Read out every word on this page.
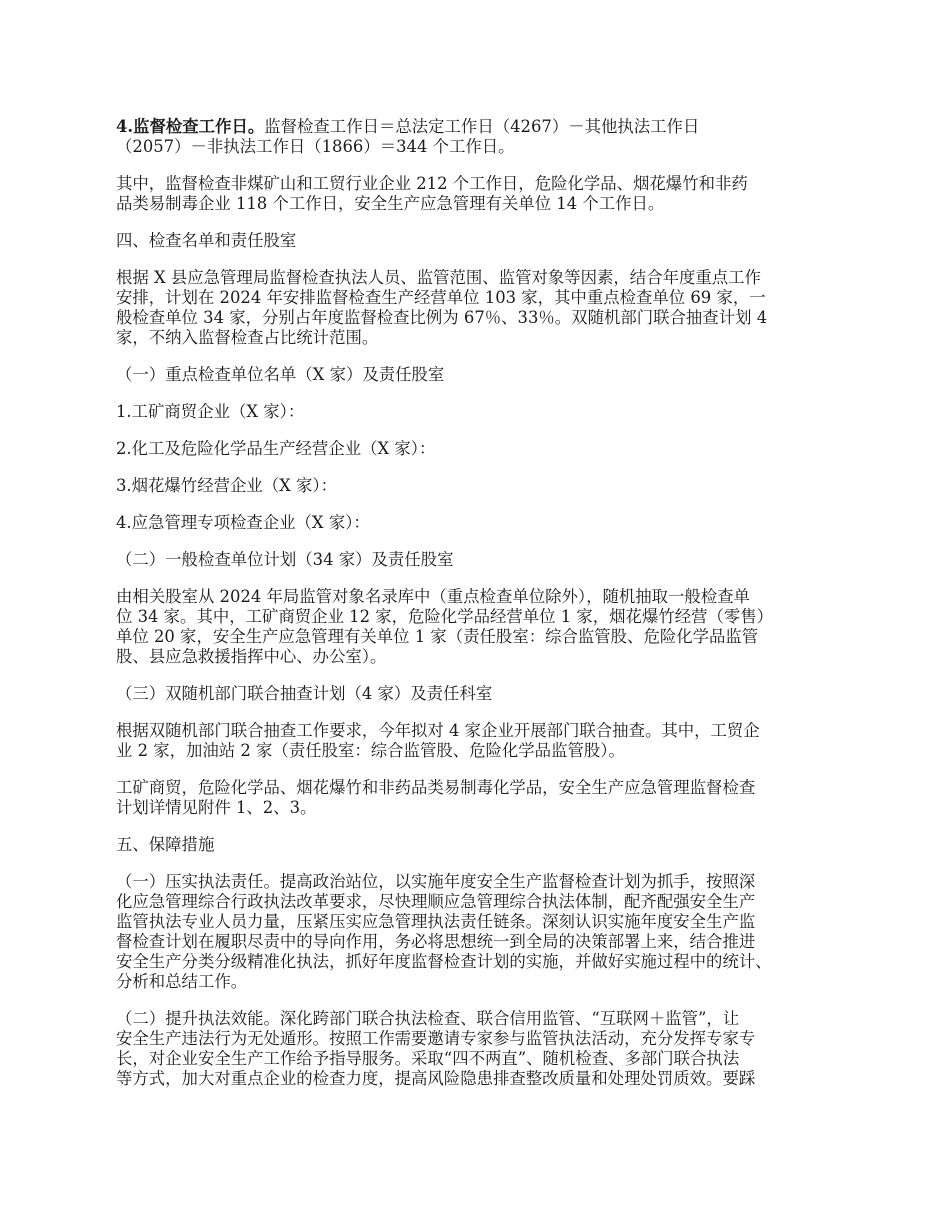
4.监督检查工作日。监督检查工作日＝总法定工作日（4267）－其他执法工作日
（2057）－非执法工作日（1866）＝344 个工作日。
其中，监督检查非煤矿山和工贸行业企业 212 个工作日，危险化学品、烟花爆竹和非药
品类易制毒企业 118 个工作日，安全生产应急管理有关单位 14 个工作日。
四、检查名单和责任股室
根据 X 县应急管理局监督检查执法人员、监管范围、监管对象等因素，结合年度重点工作
安排，计划在 2024 年安排监督检查生产经营单位 103 家，其中重点检查单位 69 家，一
般检查单位 34 家，分别占年度监督检查比例为 67％、33％。双随机部门联合抽查计划 4
家，不纳入监督检查占比统计范围。
（一）重点检查单位名单（X 家）及责任股室
1.工矿商贸企业（X 家）：
2.化工及危险化学品生产经营企业（X 家）：
3.烟花爆竹经营企业（X 家）：
4.应急管理专项检查企业（X 家）：
（二）一般检查单位计划（34 家）及责任股室
由相关股室从 2024 年局监管对象名录库中（重点检查单位除外），随机抽取一般检查单
位 34 家。其中，工矿商贸企业 12 家，危险化学品经营单位 1 家，烟花爆竹经营（零售）
单位 20 家，安全生产应急管理有关单位 1 家（责任股室：综合监管股、危险化学品监管
股、县应急救援指挥中心、办公室）。
（三）双随机部门联合抽查计划（4 家）及责任科室
根据双随机部门联合抽查工作要求，今年拟对 4 家企业开展部门联合抽查。其中，工贸企
业 2 家，加油站 2 家（责任股室：综合监管股、危险化学品监管股）。
工矿商贸，危险化学品、烟花爆竹和非药品类易制毒化学品，安全生产应急管理监督检查
计划详情见附件 1、2、3。
五、保障措施
（一）压实执法责任。提高政治站位，以实施年度安全生产监督检查计划为抓手，按照深
化应急管理综合行政执法改革要求，尽快理顺应急管理综合执法体制，配齐配强安全生产
监管执法专业人员力量，压紧压实应急管理执法责任链条。深刻认识实施年度安全生产监
督检查计划在履职尽责中的导向作用，务必将思想统一到全局的决策部署上来，结合推进
安全生产分类分级精准化执法，抓好年度监督检查计划的实施，并做好实施过程中的统计、
分析和总结工作。
（二）提升执法效能。深化跨部门联合执法检查、联合信用监管、“互联网＋监管”，让
安全生产违法行为无处遁形。按照工作需要邀请专家参与监管执法活动，充分发挥专家专
长，对企业安全生产工作给予指导服务。采取“四不两直”、随机检查、多部门联合执法
等方式，加大对重点企业的检查力度，提高风险隐患排查整改质量和处理处罚质效。要踩
